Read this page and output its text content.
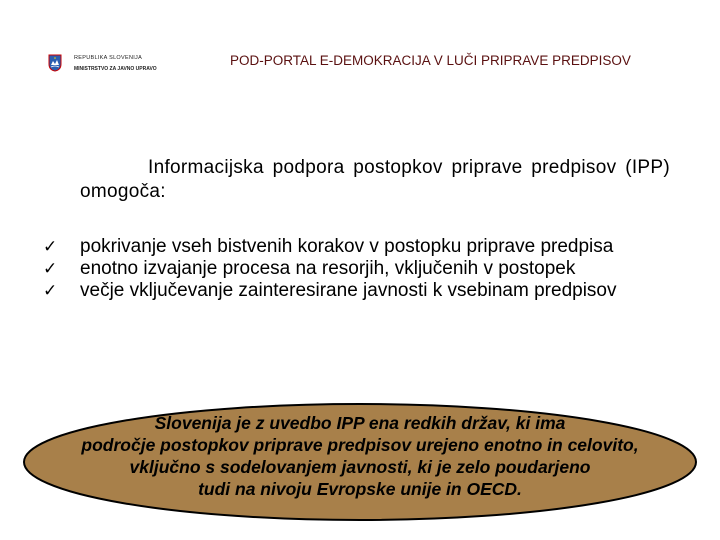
REPUBLIKA SLOVENIJA
MINISTRSTVO ZA JAVNO UPRAVO
POD-PORTAL E-DEMOKRACIJA V LUČI PRIPRAVE PREDPISOV

Informacijska podpora postopkov priprave predpisov (IPP) omogoča:

✓ pokrivanje vseh bistvenih korakov v postopku priprave predpisa
✓ enotno izvajanje procesa na resorjih, vključenih v postopek
✓ večje vključevanje zainteresirane javnosti k vsebinam predpisov
Slovenija je z uvedbo IPP ena redkih držav, ki ima
področje postopkov priprave predpisov urejeno enotno in celovito,
vključno s sodelovanjem javnosti, ki je zelo poudarjeno
tudi na nivoju Evropske unije in OECD.
